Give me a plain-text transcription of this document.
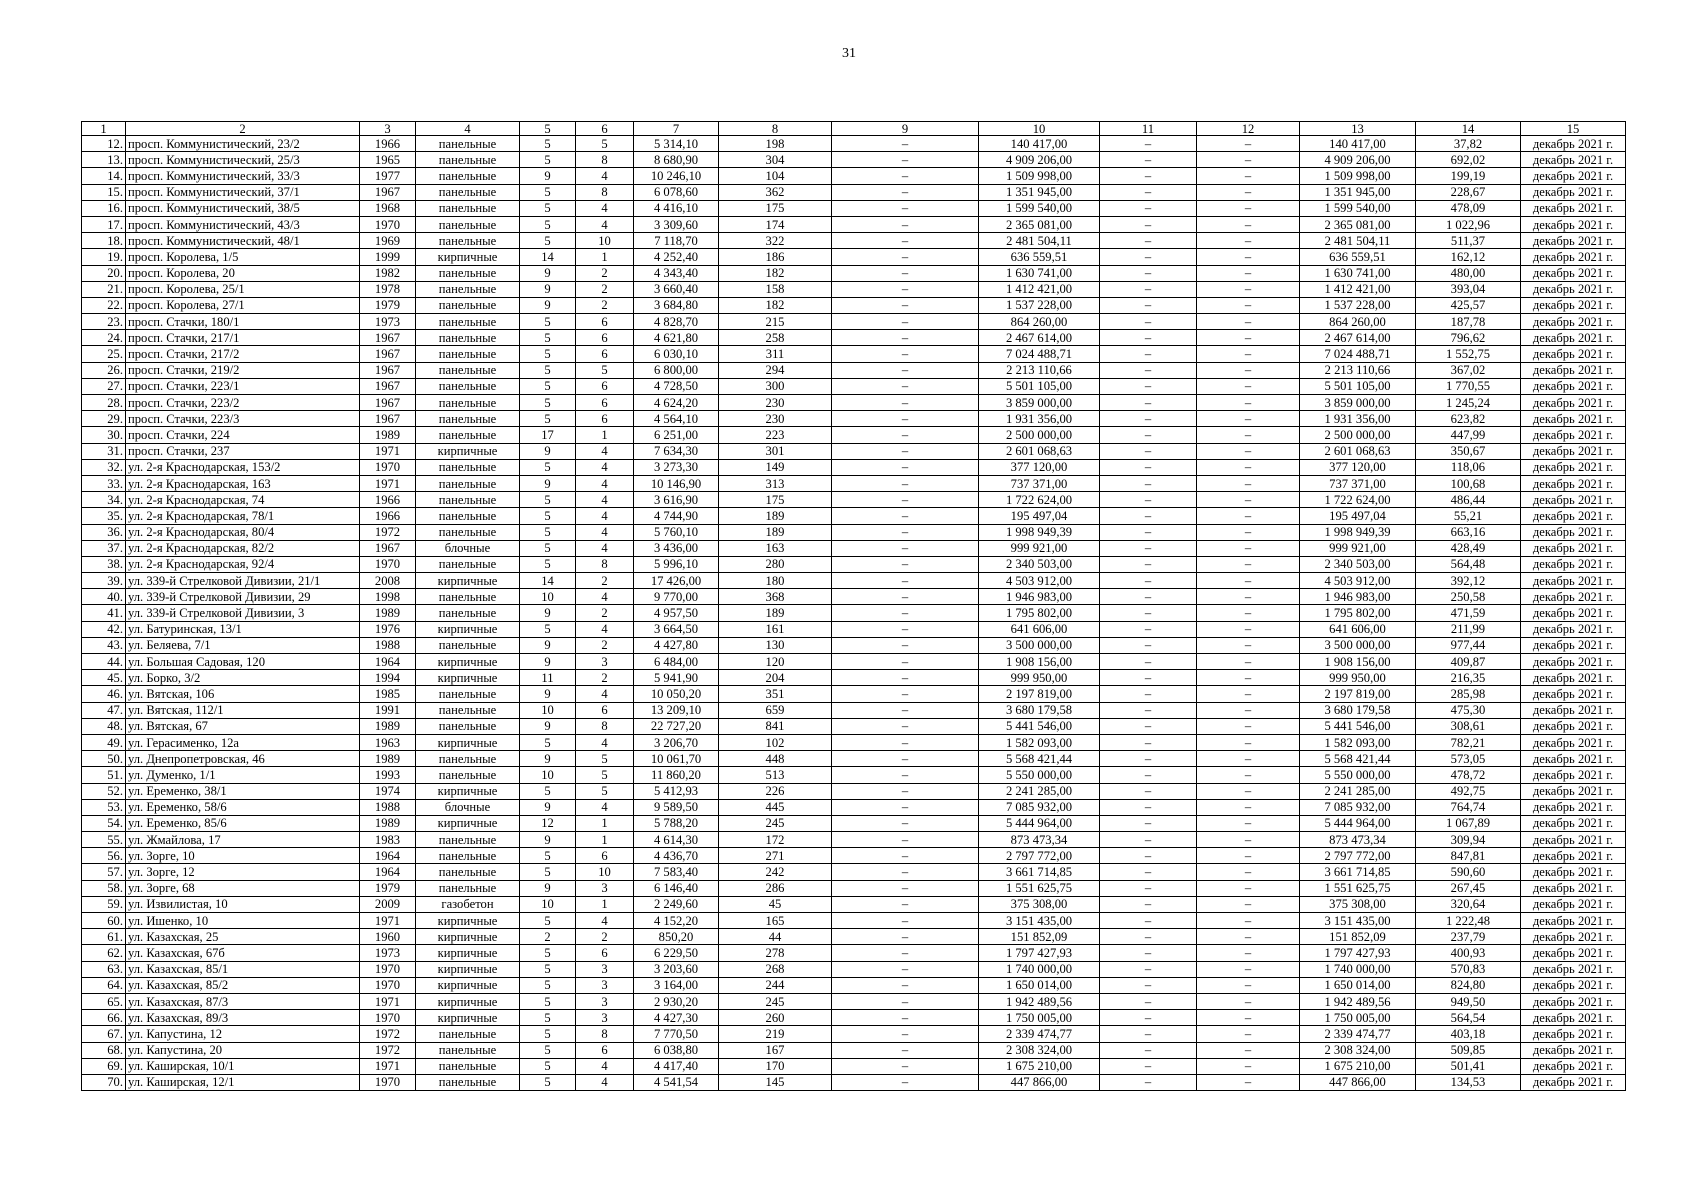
31
1	2	3	4	5	6	7	8	9	10	11	12	13	14	15
12.	просп. Коммунистический, 23/2	1966	панельные	5	5	5 314,10	198	–	140 417,00	–	–	140 417,00	37,82	декабрь 2021 г.
13.	просп. Коммунистический, 25/3	1965	панельные	5	8	8 680,90	304	–	4 909 206,00	–	–	4 909 206,00	692,02	декабрь 2021 г.
14.	просп. Коммунистический, 33/3	1977	панельные	9	4	10 246,10	104	–	1 509 998,00	–	–	1 509 998,00	199,19	декабрь 2021 г.
15.	просп. Коммунистический, 37/1	1967	панельные	5	8	6 078,60	362	–	1 351 945,00	–	–	1 351 945,00	228,67	декабрь 2021 г.
16.	просп. Коммунистический, 38/5	1968	панельные	5	4	4 416,10	175	–	1 599 540,00	–	–	1 599 540,00	478,09	декабрь 2021 г.
17.	просп. Коммунистический, 43/3	1970	панельные	5	4	3 309,60	174	–	2 365 081,00	–	–	2 365 081,00	1 022,96	декабрь 2021 г.
18.	просп. Коммунистический, 48/1	1969	панельные	5	10	7 118,70	322	–	2 481 504,11	–	–	2 481 504,11	511,37	декабрь 2021 г.
19.	просп. Королева, 1/5	1999	кирпичные	14	1	4 252,40	186	–	636 559,51	–	–	636 559,51	162,12	декабрь 2021 г.
20.	просп. Королева, 20	1982	панельные	9	2	4 343,40	182	–	1 630 741,00	–	–	1 630 741,00	480,00	декабрь 2021 г.
21.	просп. Королева, 25/1	1978	панельные	9	2	3 660,40	158	–	1 412 421,00	–	–	1 412 421,00	393,04	декабрь 2021 г.
22.	просп. Королева, 27/1	1979	панельные	9	2	3 684,80	182	–	1 537 228,00	–	–	1 537 228,00	425,57	декабрь 2021 г.
23.	просп. Стачки, 180/1	1973	панельные	5	6	4 828,70	215	–	864 260,00	–	–	864 260,00	187,78	декабрь 2021 г.
24.	просп. Стачки, 217/1	1967	панельные	5	6	4 621,80	258	–	2 467 614,00	–	–	2 467 614,00	796,62	декабрь 2021 г.
25.	просп. Стачки, 217/2	1967	панельные	5	6	6 030,10	311	–	7 024 488,71	–	–	7 024 488,71	1 552,75	декабрь 2021 г.
26.	просп. Стачки, 219/2	1967	панельные	5	5	6 800,00	294	–	2 213 110,66	–	–	2 213 110,66	367,02	декабрь 2021 г.
27.	просп. Стачки, 223/1	1967	панельные	5	6	4 728,50	300	–	5 501 105,00	–	–	5 501 105,00	1 770,55	декабрь 2021 г.
28.	просп. Стачки, 223/2	1967	панельные	5	6	4 624,20	230	–	3 859 000,00	–	–	3 859 000,00	1 245,24	декабрь 2021 г.
29.	просп. Стачки, 223/3	1967	панельные	5	6	4 564,10	230	–	1 931 356,00	–	–	1 931 356,00	623,82	декабрь 2021 г.
30.	просп. Стачки, 224	1989	панельные	17	1	6 251,00	223	–	2 500 000,00	–	–	2 500 000,00	447,99	декабрь 2021 г.
31.	просп. Стачки, 237	1971	кирпичные	9	4	7 634,30	301	–	2 601 068,63	–	–	2 601 068,63	350,67	декабрь 2021 г.
32.	ул. 2-я Краснодарская, 153/2	1970	панельные	5	4	3 273,30	149	–	377 120,00	–	–	377 120,00	118,06	декабрь 2021 г.
33.	ул. 2-я Краснодарская, 163	1971	панельные	9	4	10 146,90	313	–	737 371,00	–	–	737 371,00	100,68	декабрь 2021 г.
34.	ул. 2-я Краснодарская, 74	1966	панельные	5	4	3 616,90	175	–	1 722 624,00	–	–	1 722 624,00	486,44	декабрь 2021 г.
35.	ул. 2-я Краснодарская, 78/1	1966	панельные	5	4	4 744,90	189	–	195 497,04	–	–	195 497,04	55,21	декабрь 2021 г.
36.	ул. 2-я Краснодарская, 80/4	1972	панельные	5	4	5 760,10	189	–	1 998 949,39	–	–	1 998 949,39	663,16	декабрь 2021 г.
37.	ул. 2-я Краснодарская, 82/2	1967	блочные	5	4	3 436,00	163	–	999 921,00	–	–	999 921,00	428,49	декабрь 2021 г.
38.	ул. 2-я Краснодарская, 92/4	1970	панельные	5	8	5 996,10	280	–	2 340 503,00	–	–	2 340 503,00	564,48	декабрь 2021 г.
39.	ул. 339-й Стрелковой Дивизии, 21/1	2008	кирпичные	14	2	17 426,00	180	–	4 503 912,00	–	–	4 503 912,00	392,12	декабрь 2021 г.
40.	ул. 339-й Стрелковой Дивизии, 29	1998	панельные	10	4	9 770,00	368	–	1 946 983,00	–	–	1 946 983,00	250,58	декабрь 2021 г.
41.	ул. 339-й Стрелковой Дивизии, 3	1989	панельные	9	2	4 957,50	189	–	1 795 802,00	–	–	1 795 802,00	471,59	декабрь 2021 г.
42.	ул. Батуринская, 13/1	1976	кирпичные	5	4	3 664,50	161	–	641 606,00	–	–	641 606,00	211,99	декабрь 2021 г.
43.	ул. Беляева, 7/1	1988	панельные	9	2	4 427,80	130	–	3 500 000,00	–	–	3 500 000,00	977,44	декабрь 2021 г.
44.	ул. Большая Садовая, 120	1964	кирпичные	9	3	6 484,00	120	–	1 908 156,00	–	–	1 908 156,00	409,87	декабрь 2021 г.
45.	ул. Борко, 3/2	1994	кирпичные	11	2	5 941,90	204	–	999 950,00	–	–	999 950,00	216,35	декабрь 2021 г.
46.	ул. Вятская, 106	1985	панельные	9	4	10 050,20	351	–	2 197 819,00	–	–	2 197 819,00	285,98	декабрь 2021 г.
47.	ул. Вятская, 112/1	1991	панельные	10	6	13 209,10	659	–	3 680 179,58	–	–	3 680 179,58	475,30	декабрь 2021 г.
48.	ул. Вятская, 67	1989	панельные	9	8	22 727,20	841	–	5 441 546,00	–	–	5 441 546,00	308,61	декабрь 2021 г.
49.	ул. Герасименко, 12а	1963	кирпичные	5	4	3 206,70	102	–	1 582 093,00	–	–	1 582 093,00	782,21	декабрь 2021 г.
50.	ул. Днепропетровская, 46	1989	панельные	9	5	10 061,70	448	–	5 568 421,44	–	–	5 568 421,44	573,05	декабрь 2021 г.
51.	ул. Думенко, 1/1	1993	панельные	10	5	11 860,20	513	–	5 550 000,00	–	–	5 550 000,00	478,72	декабрь 2021 г.
52.	ул. Еременко, 38/1	1974	кирпичные	5	5	5 412,93	226	–	2 241 285,00	–	–	2 241 285,00	492,75	декабрь 2021 г.
53.	ул. Еременко, 58/6	1988	блочные	9	4	9 589,50	445	–	7 085 932,00	–	–	7 085 932,00	764,74	декабрь 2021 г.
54.	ул. Еременко, 85/6	1989	кирпичные	12	1	5 788,20	245	–	5 444 964,00	–	–	5 444 964,00	1 067,89	декабрь 2021 г.
55.	ул. Жмайлова, 17	1983	панельные	9	1	4 614,30	172	–	873 473,34	–	–	873 473,34	309,94	декабрь 2021 г.
56.	ул. Зорге, 10	1964	панельные	5	6	4 436,70	271	–	2 797 772,00	–	–	2 797 772,00	847,81	декабрь 2021 г.
57.	ул. Зорге, 12	1964	панельные	5	10	7 583,40	242	–	3 661 714,85	–	–	3 661 714,85	590,60	декабрь 2021 г.
58.	ул. Зорге, 68	1979	панельные	9	3	6 146,40	286	–	1 551 625,75	–	–	1 551 625,75	267,45	декабрь 2021 г.
59.	ул. Извилистая, 10	2009	газобетон	10	1	2 249,60	45	–	375 308,00	–	–	375 308,00	320,64	декабрь 2021 г.
60.	ул. Ишенко, 10	1971	кирпичные	5	4	4 152,20	165	–	3 151 435,00	–	–	3 151 435,00	1 222,48	декабрь 2021 г.
61.	ул. Казахская, 25	1960	кирпичные	2	2	850,20	44	–	151 852,09	–	–	151 852,09	237,79	декабрь 2021 г.
62.	ул. Казахская, 67б	1973	кирпичные	5	6	6 229,50	278	–	1 797 427,93	–	–	1 797 427,93	400,93	декабрь 2021 г.
63.	ул. Казахская, 85/1	1970	кирпичные	5	3	3 203,60	268	–	1 740 000,00	–	–	1 740 000,00	570,83	декабрь 2021 г.
64.	ул. Казахская, 85/2	1970	кирпичные	5	3	3 164,00	244	–	1 650 014,00	–	–	1 650 014,00	824,80	декабрь 2021 г.
65.	ул. Казахская, 87/3	1971	кирпичные	5	3	2 930,20	245	–	1 942 489,56	–	–	1 942 489,56	949,50	декабрь 2021 г.
66.	ул. Казахская, 89/3	1970	кирпичные	5	3	4 427,30	260	–	1 750 005,00	–	–	1 750 005,00	564,54	декабрь 2021 г.
67.	ул. Капустина, 12	1972	панельные	5	8	7 770,50	219	–	2 339 474,77	–	–	2 339 474,77	403,18	декабрь 2021 г.
68.	ул. Капустина, 20	1972	панельные	5	6	6 038,80	167	–	2 308 324,00	–	–	2 308 324,00	509,85	декабрь 2021 г.
69.	ул. Каширская, 10/1	1971	панельные	5	4	4 417,40	170	–	1 675 210,00	–	–	1 675 210,00	501,41	декабрь 2021 г.
70.	ул. Каширская, 12/1	1970	панельные	5	4	4 541,54	145	–	447 866,00	–	–	447 866,00	134,53	декабрь 2021 г.
